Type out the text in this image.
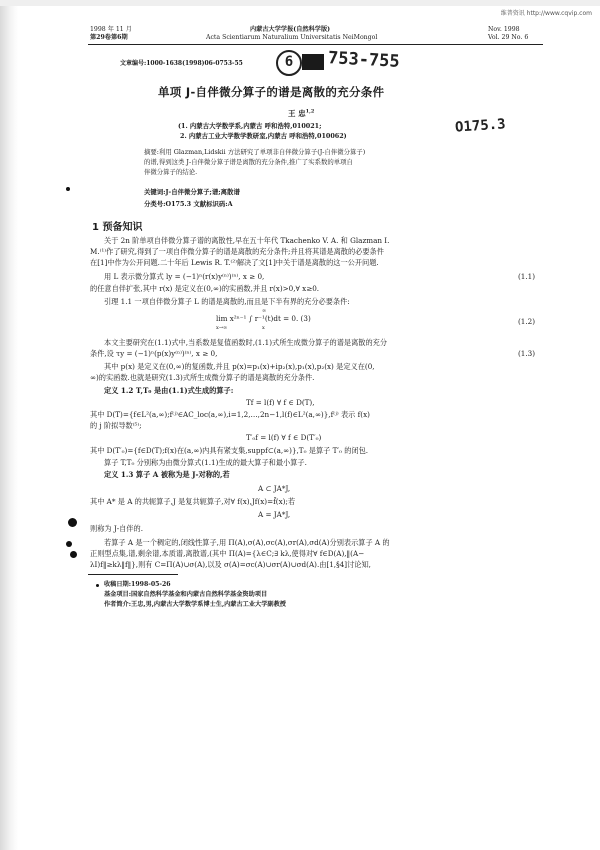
维普资讯 http://www.cqvip.com
1998 年 11 月
第29卷第6期
内蒙古大学学报(自然科学版)
Acta Scientiarum Naturalium Universitatis NeiMongol
Nov. 1998
Vol. 29 No. 6
文章编号:1000-1638(1998)06-0753-55	6	753-755
O175.3
单项 J-自伴微分算子的谱是离散的充分条件
王 忠$^{1,2}$
(1. 内蒙古大学数学系,内蒙古 呼和浩特,010021;
2. 内蒙古工业大学数学教研室,内蒙古 呼和浩特,010062)
摘要:利用 Glazman,Lidskii 方法研究了单项非自伴微分算子(J-自伴微分算子)
的谱,得到这类 J-自伴微分算子谱是离散的充分条件,推广了实系数的单项自
伴微分算子的结论.
关键词:J-自伴微分算子;谱;离散谱
分类号:O175.3 文献标识码:A
1 预备知识
关于 2n 阶单项自伴微分算子谱的离散性,早在五十年代 Tkachenko V. A. 和 Glazman I.
M.⁽¹⁾作了研究,得到了一项自伴微分算子的谱是离散的充分条件;并且将其谱是离散的必要条件
在[1]中作为公开问题.二十年后 Lewis R. T.⁽²⁾解决了文[1]中关于谱是离散的这一公开问题.
用 L 表示微分算式 ly = (−1)ⁿ(r(x)y⁽ⁿ⁾)⁽ⁿ⁾, x ≥ 0,	(1.1)
的任意自伴扩张,其中 r(x) 是定义在(0,∞)的实函数,并且 r(x)>0,∀ x≥0.
引理 1.1 一项自伴微分算子 L 的谱是离散的,而且是下半有界的充分必要条件:
lim x²ⁿ⁻¹ ∫ r⁻¹(t)dt = 0. (3)
x→∞
∞
x
(1.2)
本文主要研究在(1.1)式中,当系数是复值函数时,(1.1)式所生成微分算子的谱是离散的充分
条件,设 τy = (−1)ⁿ(p(x)y⁽ⁿ⁾)⁽ⁿ⁾, x ≥ 0,	(1.3)
其中 p(x) 是定义在(0,∞)的复函数,并且 p(x)=p₁(x)+ip₂(x),p₁(x),p₂(x) 是定义在(0,
∞)的实函数.也就是研究(1.3)式所生成微分算子的谱是离散的充分条件.
定义 1.2 T,T₀ 是由(1.1)式生成的算子:
Tf = l(f) ∀ f ∈ D(T),
其中 D(T)={f∈L²(a,∞);f⁽ʲ⁾∈AC_loc(a,∞),i=1,2,…,2n−1,l(f)∈L²(a,∞)},f⁽ʲ⁾ 表示 f(x)
的 j 阶拟导数⁽⁵⁾;
T′₀f = l(f) ∀ f ∈ D(T′₀)
其中 D(T′₀)={f∈D(T);f(x)在(a,∞)内具有紧支集,suppf⊂(a,∞)},T₀ 是算子 T′₀ 的闭包.
算子 T,T₀ 分别称为由微分算式(1.1)生成的最大算子和最小算子.
定义 1.3 算子 A 被称为是 J-对称的,若
A ⊂ JA*J,
其中 A* 是 A 的共轭算子,J 是复共轭算子,对∀ f(x),Jf(x)=f̄(x);若
A = JA*J,
则称为 J-自伴的.
若算子 A 是一个稠定的,闭线性算子,用 Π(A),σ(A),σc(A),σr(A),σd(A)分别表示算子 A 的
正则型点集,谱,剩余谱,本质谱,离散谱,(其中 Π(A)={λ∈C;∃ kλ,使得对∀ f∈D(A),‖(A−
λI)f‖≥kλ‖f‖},则有 C=Π(A)∪σ(A),以及 σ(A)=σc(A)∪σr(A)∪σd(A).由[1,§4]讨论知,
收稿日期:1998-05-26
基金项目:国家自然科学基金和内蒙古自然科学基金资助项目
作者简介:王忠,男,内蒙古大学数学系博士生,内蒙古工业大学副教授
